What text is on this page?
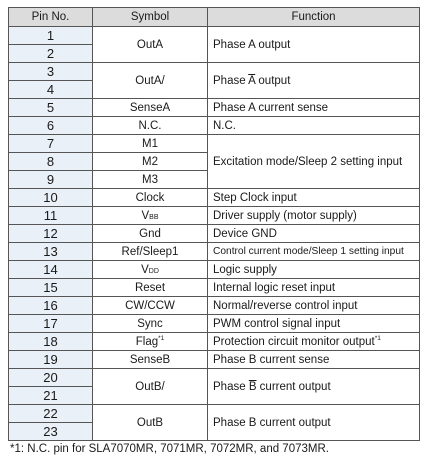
Pin No.	Symbol	Function
1	OutA	Phase A output
2		
3	OutA/	Phase $\overline{A}$ output
4		
5	SenseA	Phase A current sense
6	N.C.	N.C.
7	M1	Excitation mode/Sleep 2 setting input
8	M2	
9	M3	
10	Clock	Step Clock input
11	VBB	Driver supply (motor supply)
12	Gnd	Device GND
13	Ref/Sleep1	Control current mode/Sleep 1 setting input
14	VDD	Logic supply
15	Reset	Internal logic reset input
16	CW/CCW	Normal/reverse control input
17	Sync	PWM control signal input
18	Flag$^{*1}$	Protection circuit monitor output$^{*1}$
19	SenseB	Phase B current sense
20	OutB/	Phase $\overline{B}$ current output
21		
22	OutB	Phase B current output
23		
*1: N.C. pin for SLA7070MR, 7071MR, 7072MR, and 7073MR.
